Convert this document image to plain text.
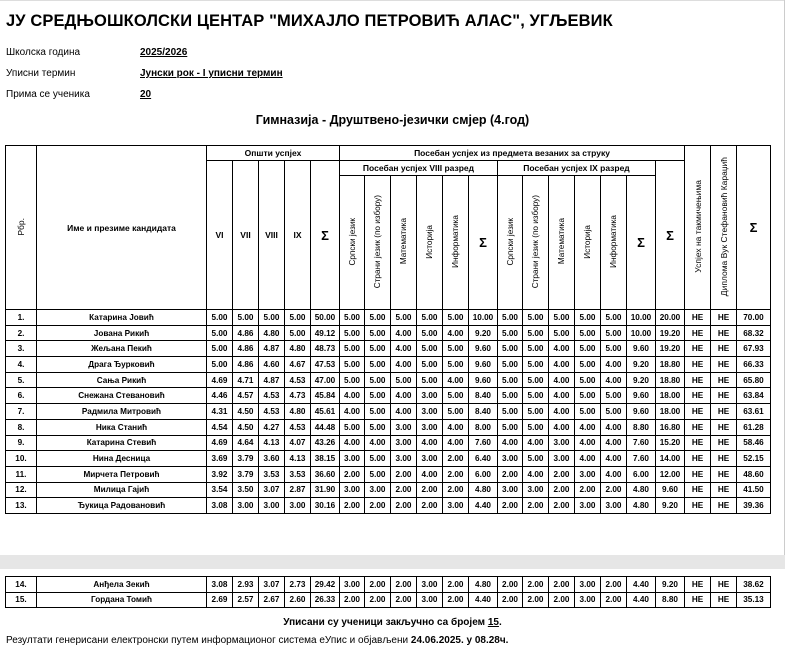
ЈУ СРЕДЊОШКОЛСКИ ЦЕНТАР "МИХАЈЛО ПЕТРОВИЋ АЛАС", УГЉЕВИК
Школска година	2025/2026
Уписни термин	Јунски рок - I уписни термин
Прима се ученика	20
Гимназија - Друштвено-језички смјер (4.год)
Рбр.	Име и презиме кандидата	Општи успјех					Посебан успјех из предмета везаних за струку													Успјех на такмичењима	Диплома Вук Стефановић Караџић	Σ
		VI	VII	VIII	IX	Σ	Посебан успјех VIII разред						Посебан успјех IX разред						Σ			
							Српски језик	Страни језик (по избору)	Математика	Историја	Информатика	Σ	Српски језик	Страни језик (по избору)	Математика	Историја	Информатика	Σ				
1.	Катарина Јовић	5.00	5.00	5.00	5.00	50.00	5.00	5.00	5.00	5.00	5.00	10.00	5.00	5.00	5.00	5.00	5.00	10.00	20.00	НЕ	НЕ	70.00
2.	Јована Рикић	5.00	4.86	4.80	5.00	49.12	5.00	5.00	4.00	5.00	4.00	9.20	5.00	5.00	5.00	5.00	5.00	10.00	19.20	НЕ	НЕ	68.32
3.	Жељана Пекић	5.00	4.86	4.87	4.80	48.73	5.00	5.00	4.00	5.00	5.00	9.60	5.00	5.00	4.00	5.00	5.00	9.60	19.20	НЕ	НЕ	67.93
4.	Драга Ђурковић	5.00	4.86	4.60	4.67	47.53	5.00	5.00	4.00	5.00	5.00	9.60	5.00	5.00	4.00	5.00	4.00	9.20	18.80	НЕ	НЕ	66.33
5.	Сања Рикић	4.69	4.71	4.87	4.53	47.00	5.00	5.00	5.00	5.00	4.00	9.60	5.00	5.00	4.00	5.00	4.00	9.20	18.80	НЕ	НЕ	65.80
6.	Снежана Стевановић	4.46	4.57	4.53	4.73	45.84	4.00	5.00	4.00	3.00	5.00	8.40	5.00	5.00	4.00	5.00	5.00	9.60	18.00	НЕ	НЕ	63.84
7.	Радмила Митровић	4.31	4.50	4.53	4.80	45.61	4.00	5.00	4.00	3.00	5.00	8.40	5.00	5.00	4.00	5.00	5.00	9.60	18.00	НЕ	НЕ	63.61
8.	Ника Станић	4.54	4.50	4.27	4.53	44.48	5.00	5.00	3.00	3.00	4.00	8.00	5.00	5.00	4.00	4.00	4.00	8.80	16.80	НЕ	НЕ	61.28
9.	Катарина Стевић	4.69	4.64	4.13	4.07	43.26	4.00	4.00	3.00	4.00	4.00	7.60	4.00	4.00	3.00	4.00	4.00	7.60	15.20	НЕ	НЕ	58.46
10.	Нина Десница	3.69	3.79	3.60	4.13	38.15	3.00	5.00	3.00	3.00	2.00	6.40	3.00	5.00	3.00	4.00	4.00	7.60	14.00	НЕ	НЕ	52.15
11.	Мирчета Петровић	3.92	3.79	3.53	3.53	36.60	2.00	5.00	2.00	4.00	2.00	6.00	2.00	4.00	2.00	3.00	4.00	6.00	12.00	НЕ	НЕ	48.60
12.	Милица Гајић	3.54	3.50	3.07	2.87	31.90	3.00	3.00	2.00	2.00	2.00	4.80	3.00	3.00	2.00	2.00	2.00	4.80	9.60	НЕ	НЕ	41.50
13.	Ђукица Радовановић	3.08	3.00	3.00	3.00	30.16	2.00	2.00	2.00	2.00	3.00	4.40	2.00	2.00	2.00	3.00	3.00	4.80	9.20	НЕ	НЕ	39.36
14.	Анђела Зекић	3.08	2.93	3.07	2.73	29.42	3.00	2.00	2.00	3.00	2.00	4.80	2.00	2.00	2.00	3.00	2.00	4.40	9.20	НЕ	НЕ	38.62
15.	Гордана Томић	2.69	2.57	2.67	2.60	26.33	2.00	2.00	2.00	3.00	2.00	4.40	2.00	2.00	2.00	3.00	2.00	4.40	8.80	НЕ	НЕ	35.13
Уписани су ученици закључно са бројем 15.
Резултати генерисани електронски путем информационог система еУпис и објављени 24.06.2025. у 08.28ч.
